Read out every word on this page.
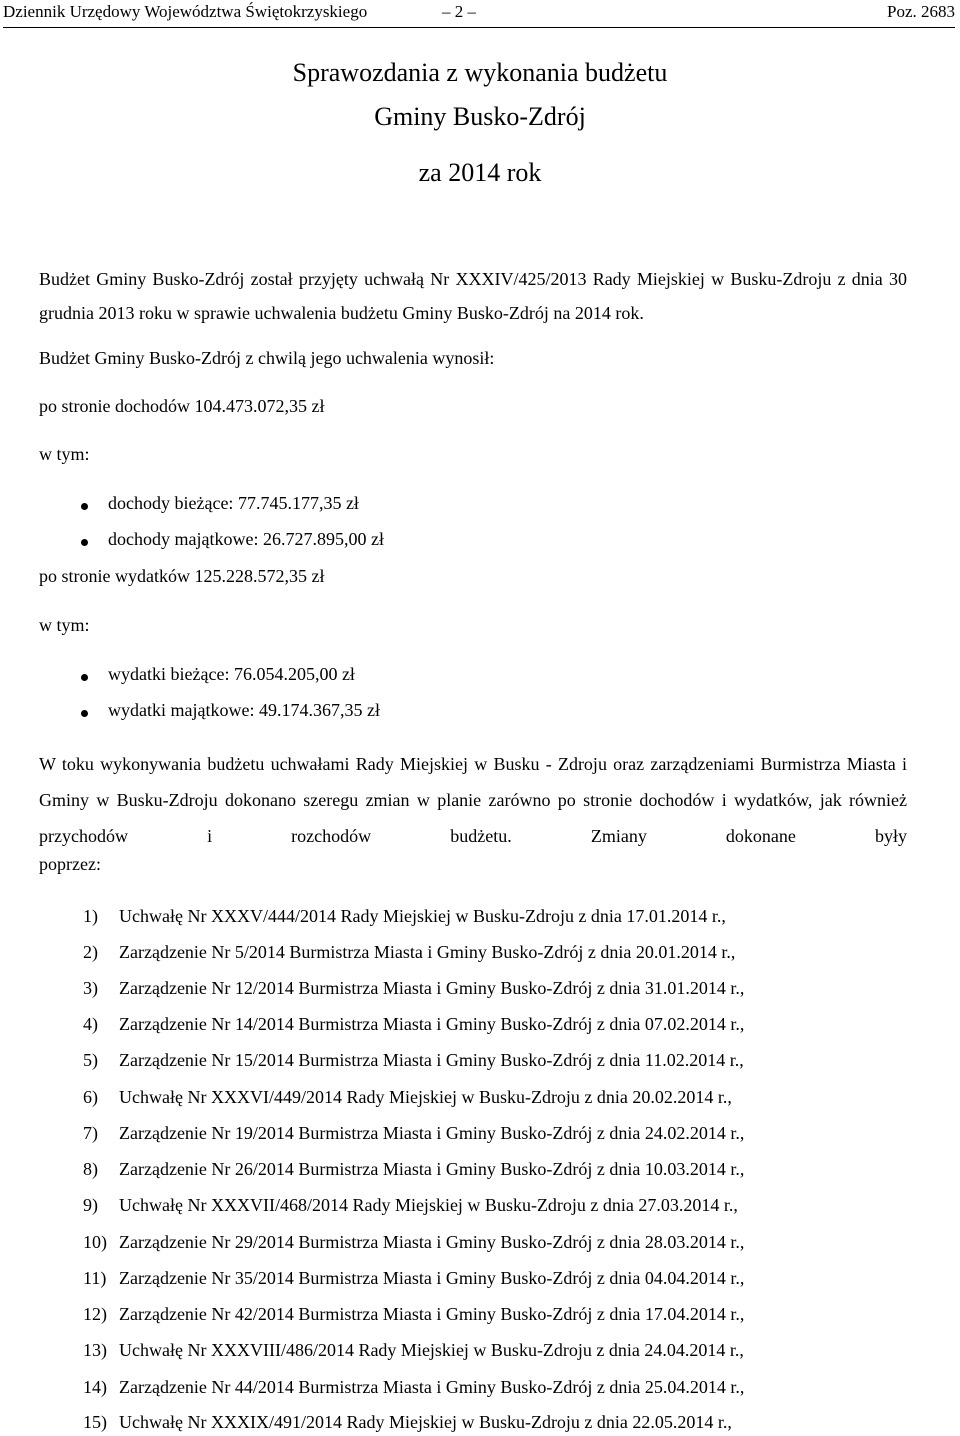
Dziennik Urzędowy Województwa Świętokrzyskiego	– 2 –	Poz. 2683
Sprawozdania z wykonania budżetu
Gminy Busko-Zdrój
za 2014 rok
Budżet Gminy Busko-Zdrój został przyjęty uchwałą Nr XXXIV/425/2013 Rady Miejskiej w Busku-Zdroju z dnia 30 grudnia 2013 roku w sprawie uchwalenia budżetu Gminy Busko-Zdrój na 2014 rok.
Budżet Gminy Busko-Zdrój z chwilą jego uchwalenia wynosił:
po stronie dochodów 104.473.072,35 zł
w tym:
dochody bieżące: 77.745.177,35 zł
dochody majątkowe: 26.727.895,00 zł
po stronie wydatków 125.228.572,35 zł
w tym:
wydatki bieżące: 76.054.205,00 zł
wydatki majątkowe: 49.174.367,35 zł
W toku wykonywania budżetu uchwałami Rady Miejskiej w Busku - Zdroju oraz zarządzeniami Burmistrza Miasta i Gminy w Busku-Zdroju dokonano szeregu zmian w planie zarówno po stronie dochodów i wydatków, jak również przychodów i rozchodów budżetu. Zmiany dokonane były
poprzez:
1) Uchwałę Nr XXXV/444/2014 Rady Miejskiej w Busku-Zdroju z dnia 17.01.2014 r.,
2) Zarządzenie Nr 5/2014 Burmistrza Miasta i Gminy Busko-Zdrój z dnia 20.01.2014 r.,
3) Zarządzenie Nr 12/2014 Burmistrza Miasta i Gminy Busko-Zdrój z dnia 31.01.2014 r.,
4) Zarządzenie Nr 14/2014 Burmistrza Miasta i Gminy Busko-Zdrój z dnia 07.02.2014 r.,
5) Zarządzenie Nr 15/2014 Burmistrza Miasta i Gminy Busko-Zdrój z dnia 11.02.2014 r.,
6) Uchwałę Nr XXXVI/449/2014 Rady Miejskiej w Busku-Zdroju z dnia 20.02.2014 r.,
7) Zarządzenie Nr 19/2014 Burmistrza Miasta i Gminy Busko-Zdrój z dnia 24.02.2014 r.,
8) Zarządzenie Nr 26/2014 Burmistrza Miasta i Gminy Busko-Zdrój z dnia 10.03.2014 r.,
9) Uchwałę Nr XXXVII/468/2014 Rady Miejskiej w Busku-Zdroju z dnia 27.03.2014 r.,
10) Zarządzenie Nr 29/2014 Burmistrza Miasta i Gminy Busko-Zdrój z dnia 28.03.2014 r.,
11) Zarządzenie Nr 35/2014 Burmistrza Miasta i Gminy Busko-Zdrój z dnia 04.04.2014 r.,
12) Zarządzenie Nr 42/2014 Burmistrza Miasta i Gminy Busko-Zdrój z dnia 17.04.2014 r.,
13) Uchwałę Nr XXXVIII/486/2014 Rady Miejskiej w Busku-Zdroju z dnia 24.04.2014 r.,
14) Zarządzenie Nr 44/2014 Burmistrza Miasta i Gminy Busko-Zdrój z dnia 25.04.2014 r.,
15) Uchwałę Nr XXXIX/491/2014 Rady Miejskiej w Busku-Zdroju z dnia 22.05.2014 r.,
